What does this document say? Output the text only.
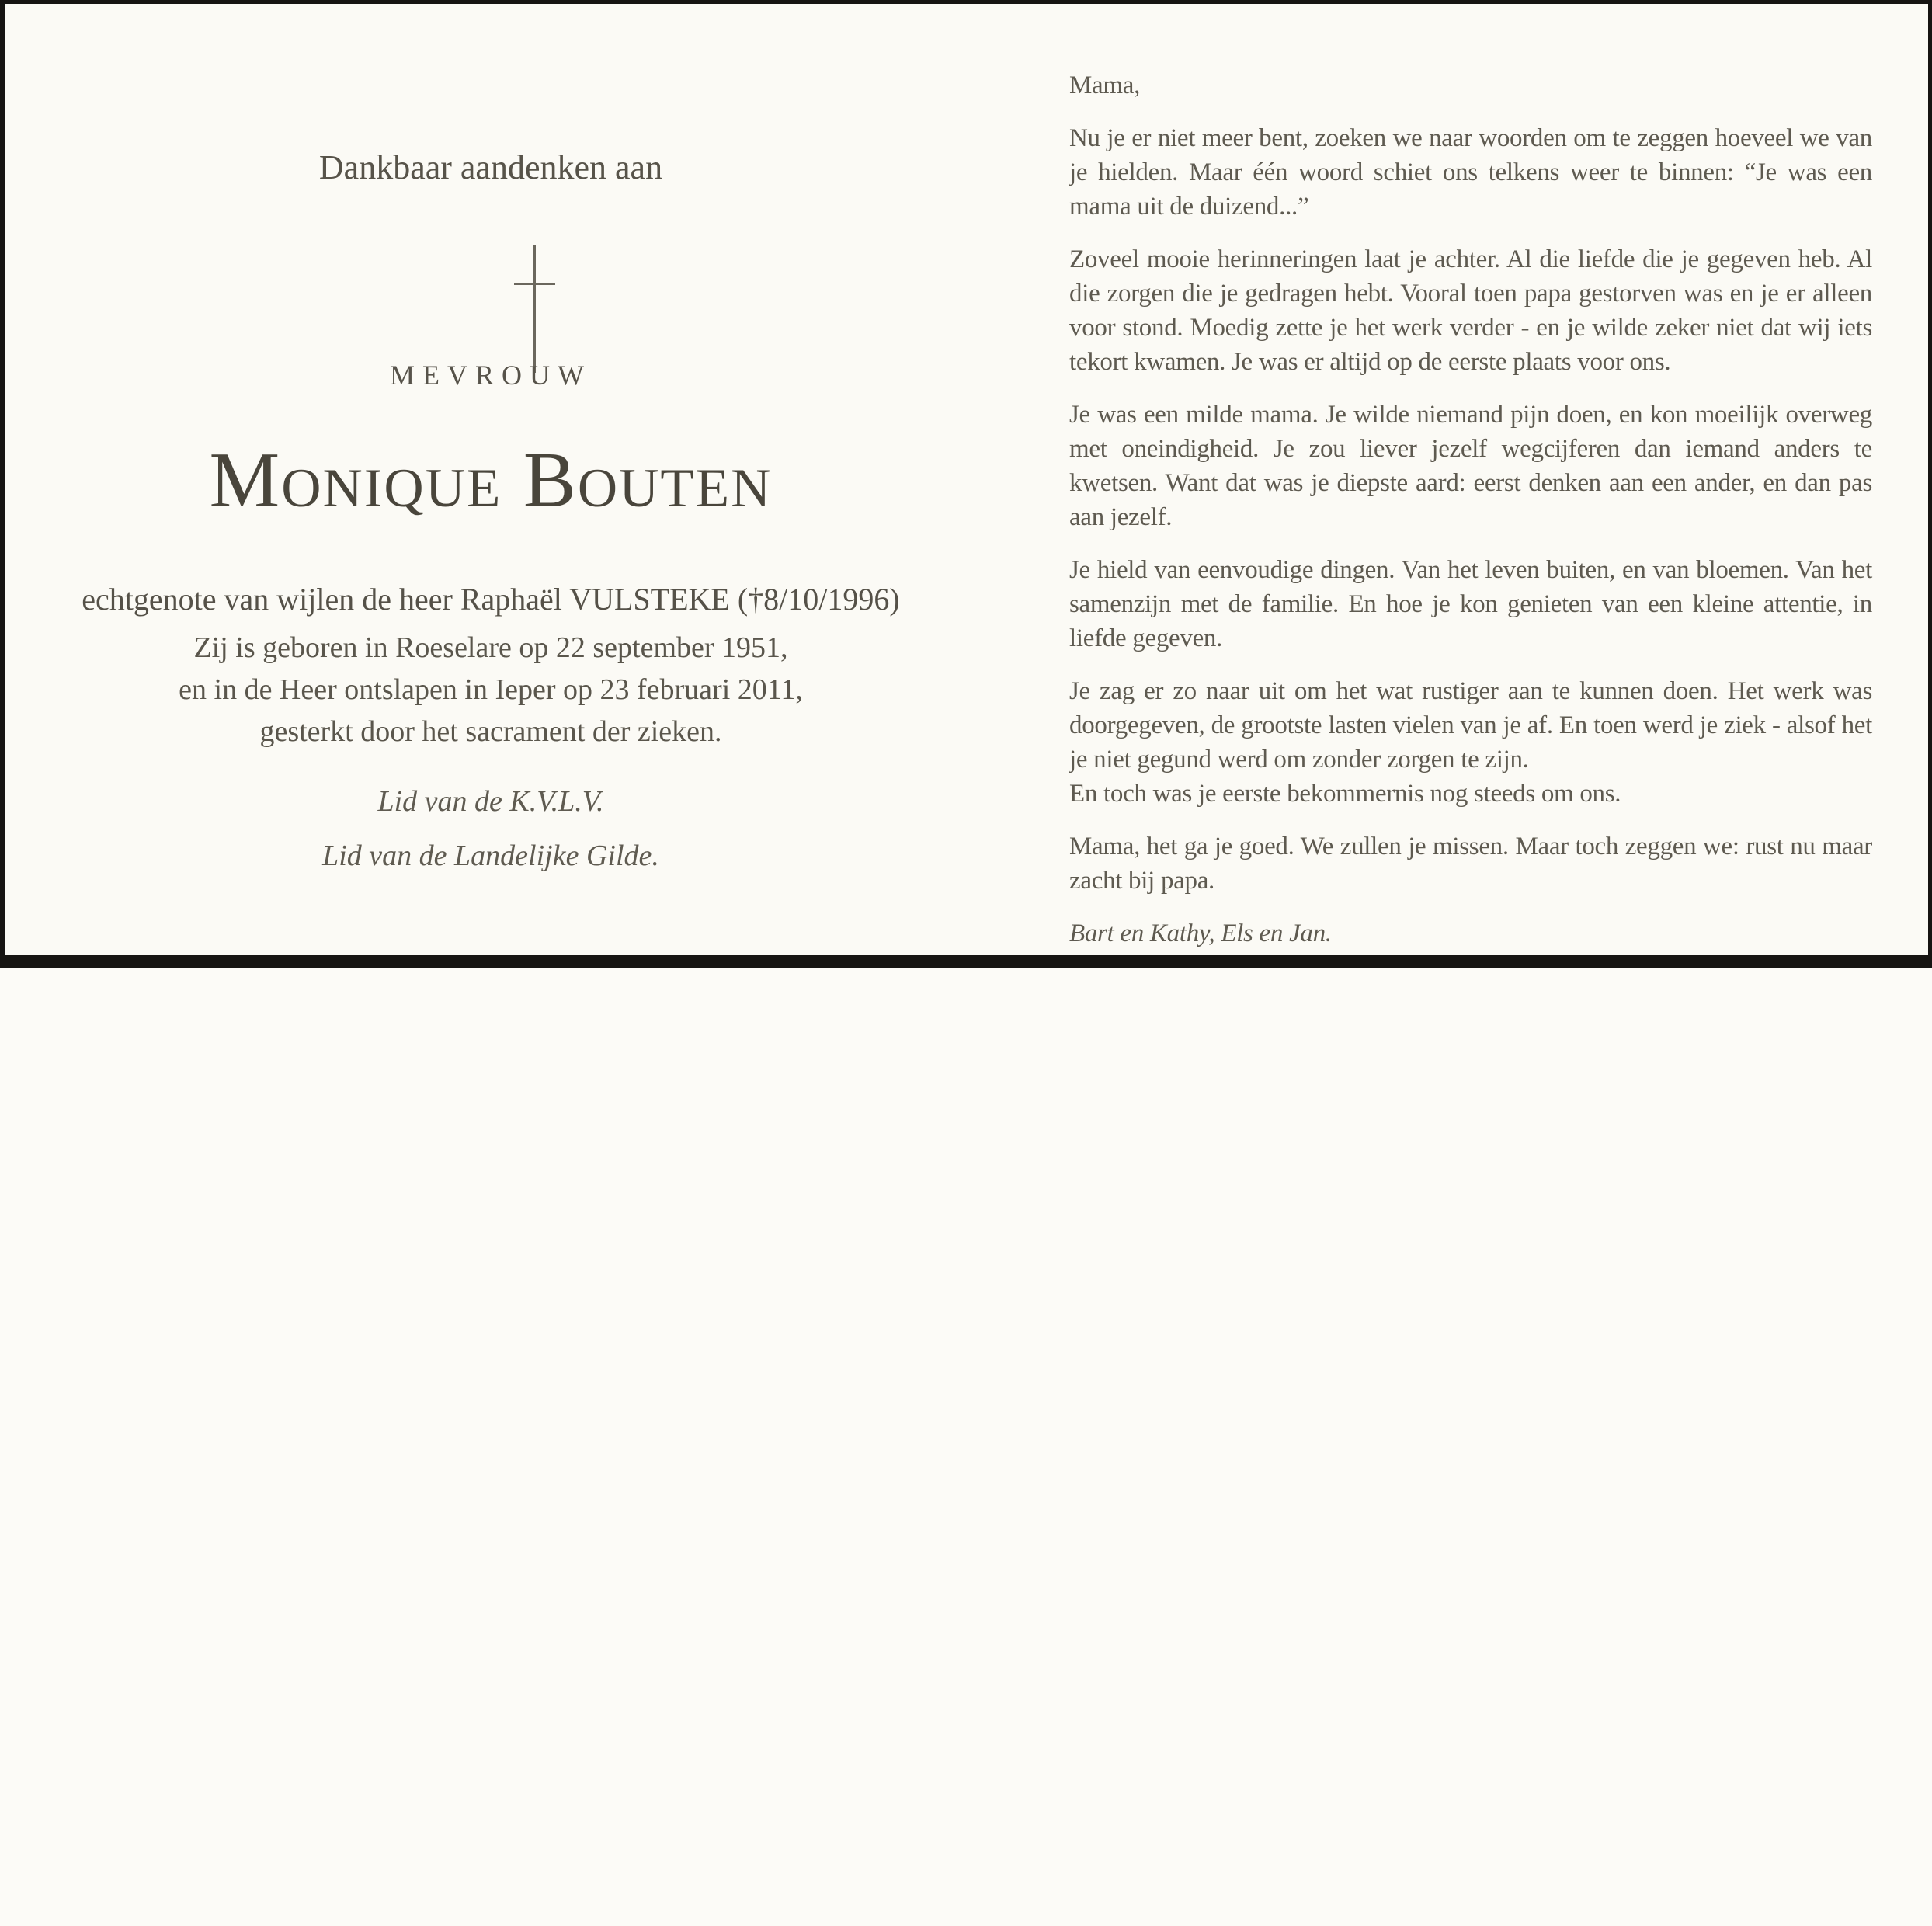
Dankbaar aandenken aan
MEVROUW
Monique Bouten
echtgenote van wijlen de heer Raphaël VULSTEKE (†8/10/1996)
Zij is geboren in Roeselare op 22 september 1951,
en in de Heer ontslapen in Ieper op 23 februari 2011,
gesterkt door het sacrament der zieken.
Lid van de K.V.L.V.
Lid van de Landelijke Gilde.

Mama,

Nu je er niet meer bent, zoeken we naar woorden om te zeggen hoeveel we van je hielden. Maar één woord schiet ons telkens weer te binnen: “Je was een mama uit de duizend...”

Zoveel mooie herinneringen laat je achter. Al die liefde die je gegeven heb. Al die zorgen die je gedragen hebt. Vooral toen papa gestorven was en je er alleen voor stond. Moedig zette je het werk verder - en je wilde zeker niet dat wij iets tekort kwamen. Je was er altijd op de eerste plaats voor ons.

Je was een milde mama. Je wilde niemand pijn doen, en kon moeilijk overweg met oneindigheid. Je zou liever jezelf wegcijferen dan iemand anders te kwetsen. Want dat was je diepste aard: eerst denken aan een ander, en dan pas aan jezelf.

Je hield van eenvoudige dingen. Van het leven buiten, en van bloemen. Van het samenzijn met de familie. En hoe je kon genieten van een kleine attentie, in liefde gegeven.

Je zag er zo naar uit om het wat rustiger aan te kunnen doen. Het werk was doorgegeven, de grootste lasten vielen van je af. En toen werd je ziek - alsof het je niet gegund werd om zonder zorgen te zijn.

En toch was je eerste bekommernis nog steeds om ons.

Mama, het ga je goed. We zullen je missen. Maar toch zeggen we: rust nu maar zacht bij papa.

Bart en Kathy, Els en Jan.
